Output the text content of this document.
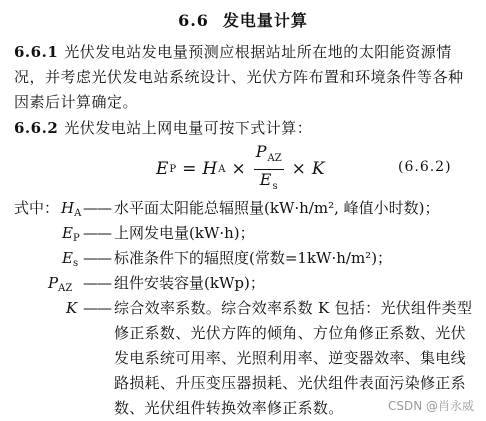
6.6 发电量计算
6.6.1 光伏发电站发电量预测应根据站址所在地的太阳能资源情况，并考虑光伏发电站系统设计、光伏方阵布置和环境条件等各种因素后计算确定。
6.6.2 光伏发电站上网电量可按下式计算：
E P = H $A \times \frac{P_{AZ}}{E_s} \times K$	(6.6.2)
式中： $H_A$ —— 水平面太阳能总辐照量(kW·h/m², 峰值小时数)；
$E_P$ —— 上网发电量(kW·h)；
$E_s$ —— 标准条件下的辐照度(常数=1kW·h/m²)；
$P_{AZ}$ —— 组件安装容量(kWp)；
K —— 综合效率系数。综合效率系数 K 包括：光伏组件类型修正系数、光伏方阵的倾角、方位角修正系数、光伏发电系统可用率、光照利用率、逆变器效率、集电线路损耗、升压变压器损耗、光伏组件表面污染修正系数、光伏组件转换效率修正系数。	CSDN @肖永威
